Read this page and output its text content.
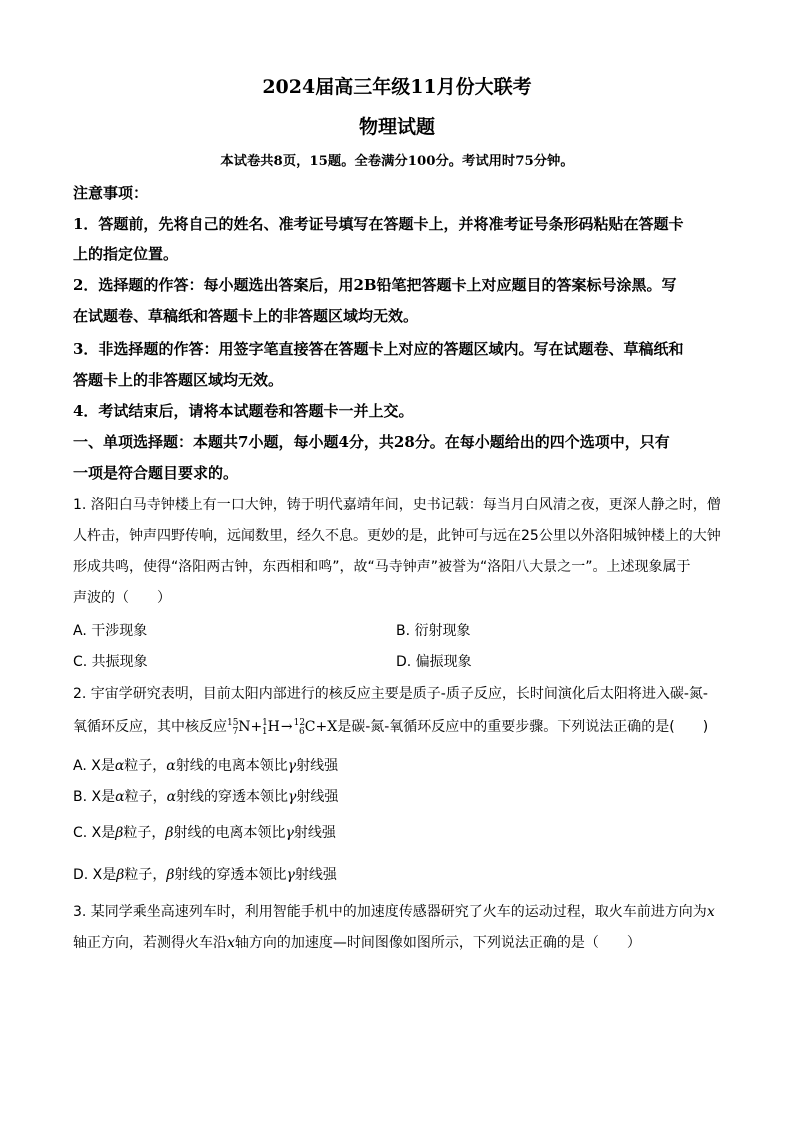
2024届高三年级11月份大联考
物理试题
本试卷共8页，15题。全卷满分100分。考试用时75分钟。
注意事项：
1．答题前，先将自己的姓名、准考证号填写在答题卡上，并将准考证号条形码粘贴在答题卡
上的指定位置。
2．选择题的作答：每小题选出答案后，用2B铅笔把答题卡上对应题目的答案标号涂黑。写
在试题卷、草稿纸和答题卡上的非答题区域均无效。
3．非选择题的作答：用签字笔直接答在答题卡上对应的答题区域内。写在试题卷、草稿纸和
答题卡上的非答题区域均无效。
4．考试结束后，请将本试题卷和答题卡一并上交。
一、单项选择题：本题共7小题，每小题4分，共28分。在每小题给出的四个选项中，只有
一项是符合题目要求的。
1. 洛阳白马寺钟楼上有一口大钟，铸于明代嘉靖年间，史书记载：每当月白风清之夜，更深人静之时，僧
人杵击，钟声四野传响，远闻数里，经久不息。更妙的是，此钟可与远在25公里以外洛阳城钟楼上的大钟
形成共鸣，使得“洛阳两古钟，东西相和鸣”，故“马寺钟声”被誉为“洛阳八大景之一”。上述现象属于
声波的（　　）
A. 干涉现象	B. 衍射现象
C. 共振现象	D. 偏振现象
2. 宇宙学研究表明，目前太阳内部进行的核反应主要是质子-质子反应，长时间演化后太阳将进入碳-氮-
氧循环反应，其中核反应$^{15}_7$N+$^1_1$H→$^{12}_6$C+X是碳-氮-氧循环反应中的重要步骤。下列说法正确的是(　　)
A. X是α粒子，α射线的电离本领比γ射线强
B. X是α粒子，α射线的穿透本领比γ射线强
C. X是β粒子，β射线的电离本领比γ射线强
D. X是β粒子，β射线的穿透本领比γ射线强
3. 某同学乘坐高速列车时，利用智能手机中的加速度传感器研究了火车的运动过程，取火车前进方向为x
轴正方向，若测得火车沿x轴方向的加速度—时间图像如图所示，下列说法正确的是（　　）
